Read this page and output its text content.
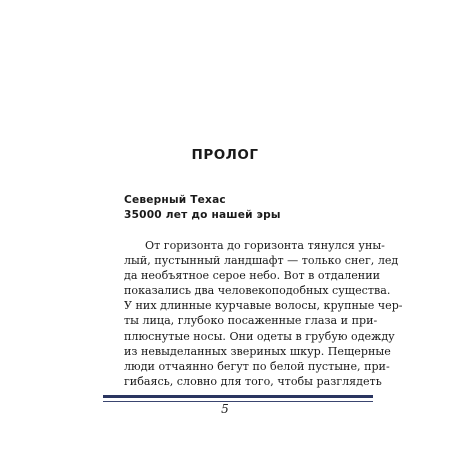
ПРОЛОГ
Северный Техас
35000 лет до нашей эры
От горизонта до горизонта тянулся уны-
лый, пустынный ландшафт — только снег, лед
да необъятное серое небо. Вот в отдалении
показались два человекоподобных существа.
У них длинные курчавые волосы, крупные чер-
ты лица, глубоко посаженные глаза и при-
плюснутые носы. Они одеты в грубую одежду
из невыделанных звериных шкур. Пещерные
люди отчаянно бегут по белой пустыне, при-
гибаясь, словно для того, чтобы разглядеть
5
